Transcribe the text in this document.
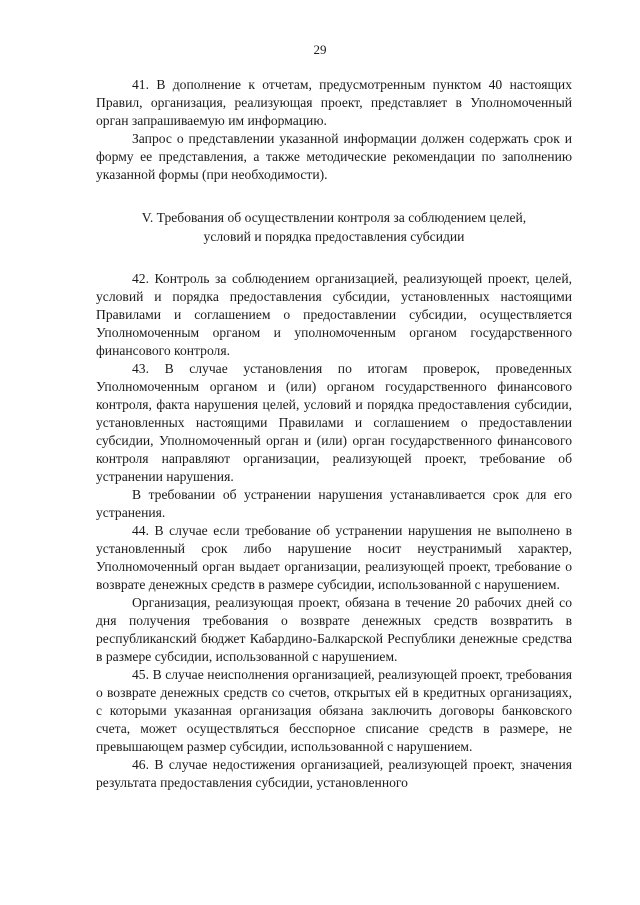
29

41. В дополнение к отчетам, предусмотренным пунктом 40 настоящих Правил, организация, реализующая проект, представляет в Уполномоченный орган запрашиваемую им информацию.

Запрос о представлении указанной информации должен содержать срок и форму ее представления, а также методические рекомендации по заполнению указанной формы (при необходимости).

V. Требования об осуществлении контроля за соблюдением целей,
условий и порядка предоставления субсидии

42. Контроль за соблюдением организацией, реализующей проект, целей, условий и порядка предоставления субсидии, установленных настоящими Правилами и соглашением о предоставлении субсидии, осуществляется Уполномоченным органом и уполномоченным органом государственного финансового контроля.

43. В случае установления по итогам проверок, проведенных Уполномоченным органом и (или) органом государственного финансового контроля, факта нарушения целей, условий и порядка предоставления субсидии, установленных настоящими Правилами и соглашением о предоставлении субсидии, Уполномоченный орган и (или) орган государственного финансового контроля направляют организации, реализующей проект, требование об устранении нарушения.

В требовании об устранении нарушения устанавливается срок для его устранения.

44. В случае если требование об устранении нарушения не выполнено в установленный срок либо нарушение носит неустранимый характер, Уполномоченный орган выдает организации, реализующей проект, требование о возврате денежных средств в размере субсидии, использованной с нарушением.

Организация, реализующая проект, обязана в течение 20 рабочих дней со дня получения требования о возврате денежных средств возвратить в республиканский бюджет Кабардино-Балкарской Республики денежные средства в размере субсидии, использованной с нарушением.

45. В случае неисполнения организацией, реализующей проект, требования о возврате денежных средств со счетов, открытых ей в кредитных организациях, с которыми указанная организация обязана заключить договоры банковского счета, может осуществляться бесспорное списание средств в размере, не превышающем размер субсидии, использованной с нарушением.

46. В случае недостижения организацией, реализующей проект, значения результата предоставления субсидии, установленного
